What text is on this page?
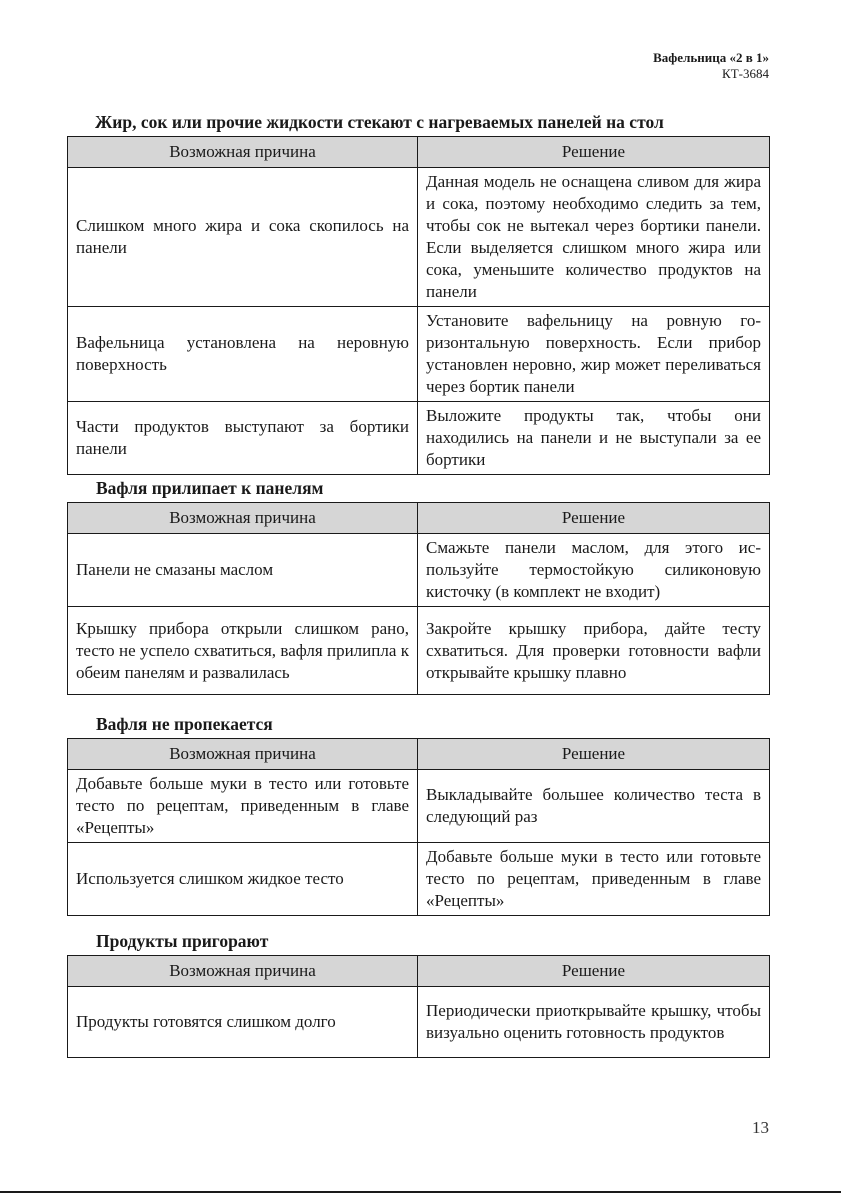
Вафельница «2 в 1»
КТ-3684
Жир, сок или прочие жидкости стекают с нагреваемых панелей на стол
Возможная причина	Решение
Слишком много жира и сока скопилось на панели	Данная модель не оснащена сливом для жира и сока, поэтому необходимо следить за тем, чтобы сок не вытекал через бортики панели. Если выделяется слишком много жира или сока, уменьшите количество продуктов на панели
Вафельница установлена на неровную поверхность	Установите вафельницу на ровную горизонтальную поверхность. Если прибор установлен неровно, жир может переливаться через бортик панели
Части продуктов выступают за бортики панели	Выложите продукты так, чтобы они находились на панели и не выступали за ее бортики
Вафля прилипает к панелям
Возможная причина	Решение
Панели не смазаны маслом	Смажьте панели маслом, для этого используйте термостойкую силиконовую кисточку (в комплект не входит)
Крышку прибора открыли слишком рано, тесто не успело схватиться, вафля прилипла к обеим панелям и развалилась	Закройте крышку прибора, дайте тесту схватиться. Для проверки готовности вафли открывайте крышку плавно
Вафля не пропекается
Возможная причина	Решение
Добавьте больше муки в тесто или готовьте тесто по рецептам, приведенным в главе «Рецепты»	Выкладывайте большее количество теста в следующий раз
Используется слишком жидкое тесто	Добавьте больше муки в тесто или готовьте тесто по рецептам, приведенным в главе «Рецепты»
Продукты пригорают
Возможная причина	Решение
Продукты готовятся слишком долго	Периодически приоткрывайте крышку, чтобы визуально оценить готовность продуктов
13
